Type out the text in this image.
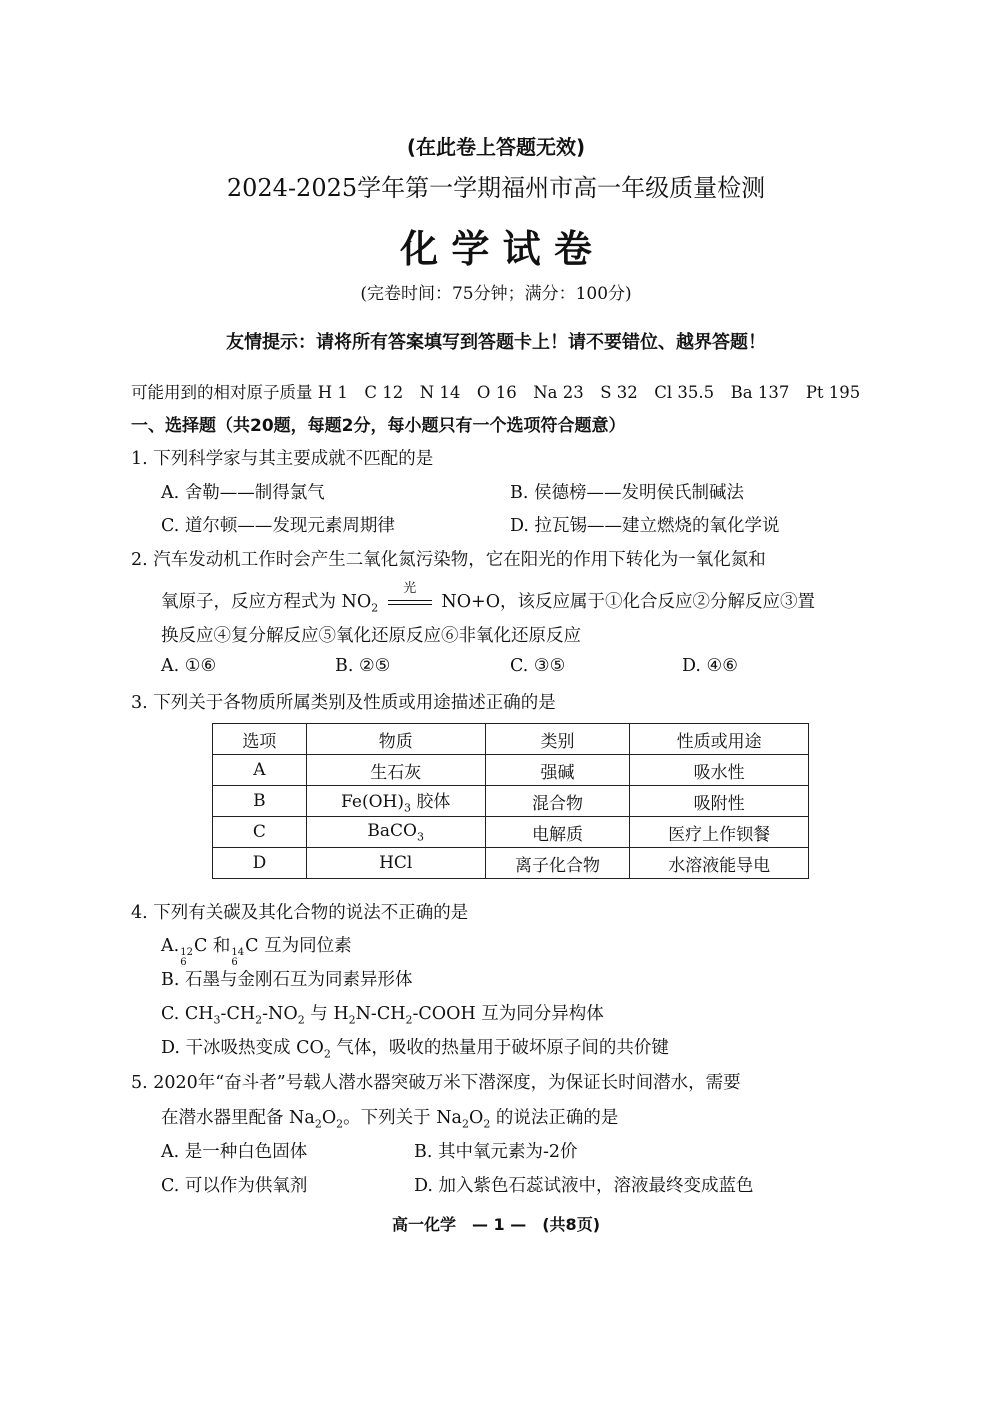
(在此卷上答题无效)
2024-2025学年第一学期福州市高一年级质量检测
化 学 试 卷
(完卷时间：75分钟；满分：100分)
友情提示：请将所有答案填写到答题卡上！请不要错位、越界答题！
可能用到的相对原子质量 H 1　C 12　N 14　O 16　Na 23　S 32　Cl 35.5　Ba 137　Pt 195
一、选择题（共20题，每题2分，每小题只有一个选项符合题意）
1. 下列科学家与其主要成就不匹配的是
A. 舍勒——制得氯气	B. 侯德榜——发明侯氏制碱法
C. 道尔顿——发现元素周期律	D. 拉瓦锡——建立燃烧的氧化学说
2. 汽车发动机工作时会产生二氧化氮污染物，它在阳光的作用下转化为一氧化氮和
氧原子，反应方程式为 $NO_2$
光
NO+O，该反应属于①化合反应②分解反应③置
换反应④复分解反应⑤氧化还原反应⑥非氧化还原反应
A. ①⑥	B. ②⑤	C. ③⑤	D. ④⑥
3. 下列关于各物质所属类别及性质或用途描述正确的是
选项	物质	类别	性质或用途
A	生石灰	强碱	吸水性
B	$Fe(OH)_3$ 胶体	混合物	吸附性
C	BaCO$_3$	电解质	医疗上作钡餐
D	HCl	离子化合物	水溶液能导电
4. 下列有关碳及其化合物的说法不正确的是
A. 12
6
C 和 14
6
C 互为同位素
B. 石墨与金刚石互为同素异形体
C. $CH_3-CH_2-NO_2$ 与 $H_2N-CH_2$-COOH 互为同分异构体
D. 干冰吸热变成 $CO_2$ 气体，吸收的热量用于破坏原子间的共价键
5. 2020年“奋斗者”号载人潜水器突破万米下潜深度，为保证长时间潜水，需要
在潜水器里配备 $Na_2O_2$。下列关于 $Na_2O_2$ 的说法正确的是
A. 是一种白色固体	B. 其中氧元素为-2价
C. 可以作为供氧剂	D. 加入紫色石蕊试液中，溶液最终变成蓝色
高一化学　— 1 —　(共8页)
